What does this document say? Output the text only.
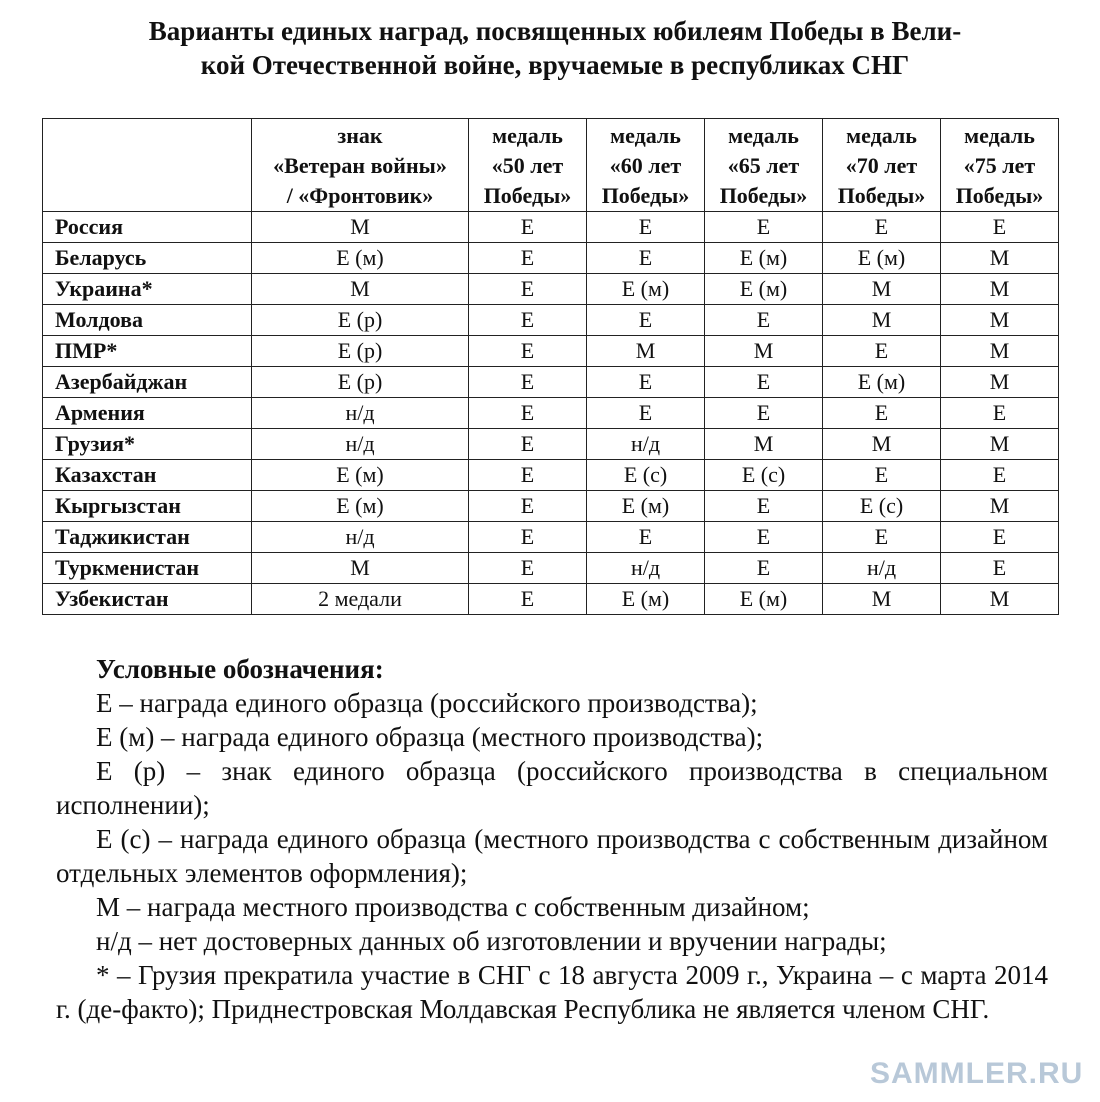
Варианты единых наград, посвященных юбилеям Победы в Вели-
кой Отечественной войне, вручаемые в республиках СНГ

	знак
«Ветеран войны»
/ «Фронтовик»	медаль
«50 лет
Победы»	медаль
«60 лет
Победы»	медаль
«65 лет
Победы»	медаль
«70 лет
Победы»	медаль
«75 лет
Победы»

Россия	М	Е	Е	Е	Е	Е
Беларусь	Е (м)	Е	Е	Е (м)	Е (м)	М
Украина*	М	Е	Е (м)	Е (м)	М	М
Молдова	Е (р)	Е	Е	Е	М	М
ПМР*	Е (р)	Е	М	М	Е	М
Азербайджан	Е (р)	Е	Е	Е	Е (м)	М
Армения	н/д	Е	Е	Е	Е	Е
Грузия*	н/д	Е	н/д	М	М	М
Казахстан	Е (м)	Е	Е (с)	Е (с)	Е	Е
Кыргызстан	Е (м)	Е	Е (м)	Е	Е (с)	М
Таджикистан	н/д	Е	Е	Е	Е	Е
Туркменистан	М	Е	н/д	Е	н/д	Е
Узбекистан	2 медали	Е	Е (м)	Е (м)	М	М
Условные обозначения:
Е – награда единого образца (российского производства);
Е (м) – награда единого образца (местного производства);
Е (р) – знак единого образца (российского производства в специальном исполнении);
Е (с) – награда единого образца (местного производства с собственным дизайном отдельных элементов оформления);
М – награда местного производства с собственным дизайном;
н/д – нет достоверных данных об изготовлении и вручении награды;
* – Грузия прекратила участие в СНГ с 18 августа 2009 г., Украина – с марта 2014 г. (де-факто); Приднестровская Молдавская Республика не является членом СНГ.
SAMMLER.RU
